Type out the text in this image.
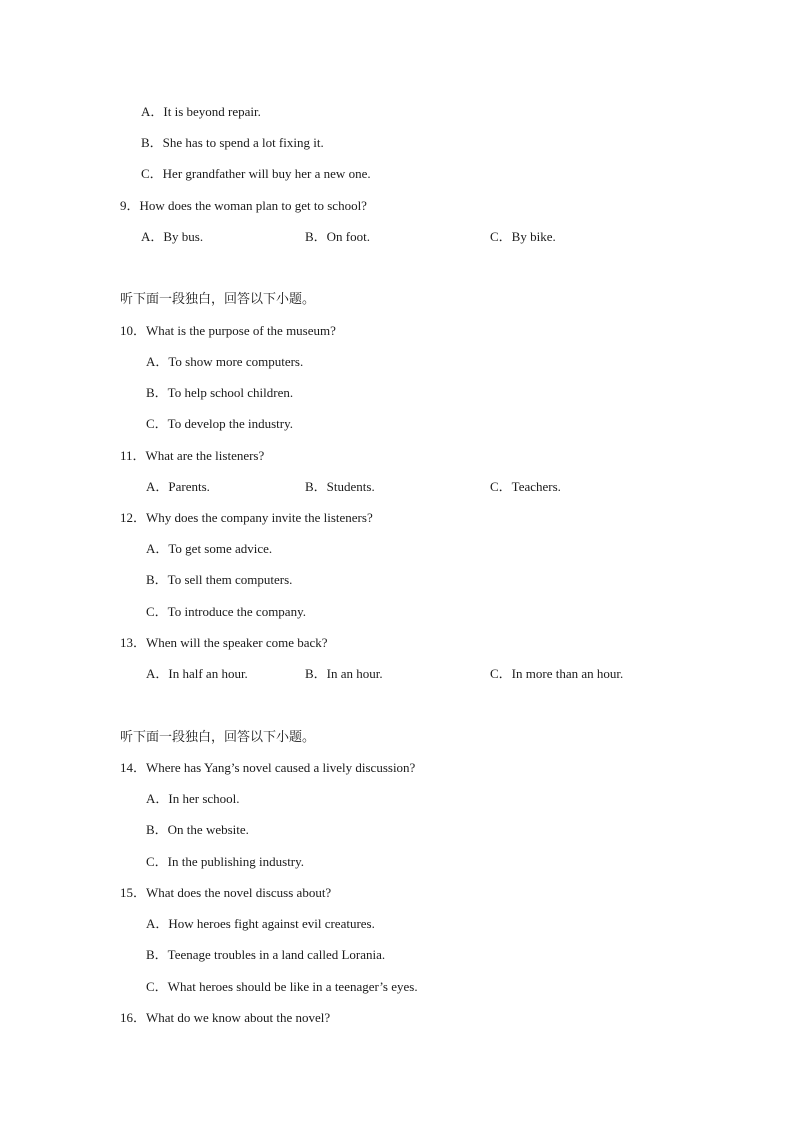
A．It is beyond repair.
B．She has to spend a lot fixing it.
C．Her grandfather will buy her a new one.
9．How does the woman plan to get to school?
A．By bus.	B．On foot.	C．By bike.
听下面一段独白，回答以下小题。
10．What is the purpose of the museum?
A．To show more computers.
B．To help school children.
C．To develop the industry.
11．What are the listeners?
A．Parents.	B．Students.	C．Teachers.
12．Why does the company invite the listeners?
A．To get some advice.
B．To sell them computers.
C．To introduce the company.
13．When will the speaker come back?
A．In half an hour.	B．In an hour.	C．In more than an hour.
听下面一段独白，回答以下小题。
14．Where has Yang’s novel caused a lively discussion?
A．In her school.
B．On the website.
C．In the publishing industry.
15．What does the novel discuss about?
A．How heroes fight against evil creatures.
B．Teenage troubles in a land called Lorania.
C．What heroes should be like in a teenager’s eyes.
16．What do we know about the novel?
